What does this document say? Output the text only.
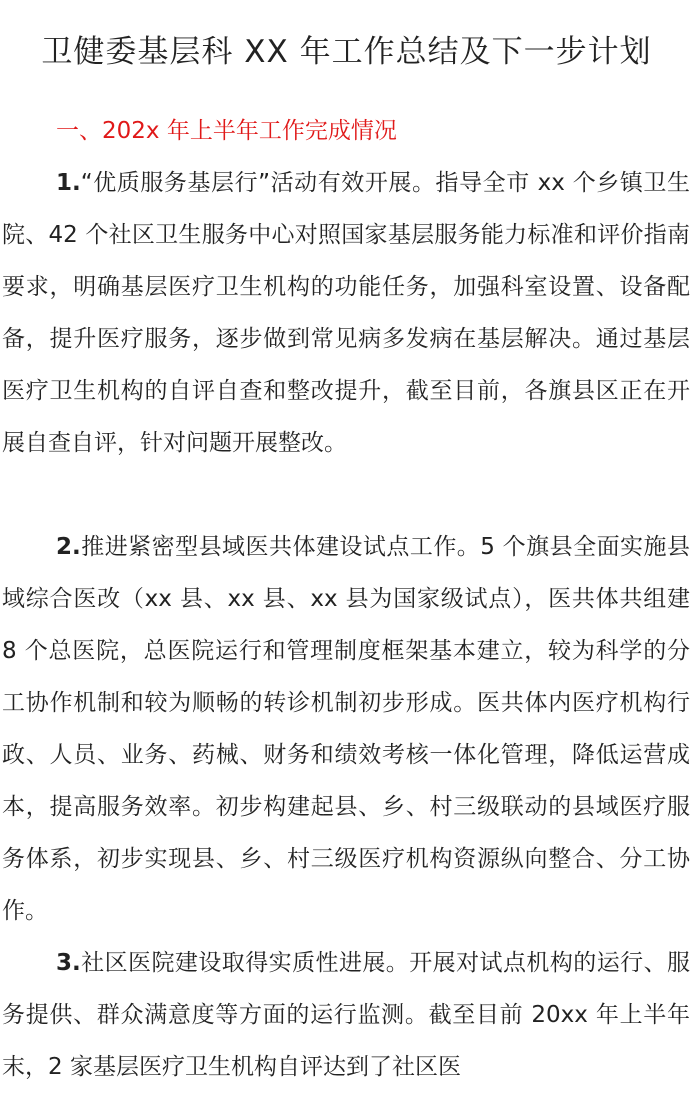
卫健委基层科 XX 年工作总结及下一步计划
一、202x 年上半年工作完成情况

1.“优质服务基层行”活动有效开展。指导全市 xx 个乡镇卫生院、42 个社区卫生服务中心对照国家基层服务能力标准和评价指南要求，明确基层医疗卫生机构的功能任务，加强科室设置、设备配备，提升医疗服务，逐步做到常见病多发病在基层解决。通过基层医疗卫生机构的自评自查和整改提升，截至目前，各旗县区正在开展自查自评，针对问题开展整改。

2.推进紧密型县域医共体建设试点工作。5 个旗县全面实施县域综合医改（xx 县、xx 县、xx 县为国家级试点），医共体共组建 8 个总医院，总医院运行和管理制度框架基本建立，较为科学的分工协作机制和较为顺畅的转诊机制初步形成。医共体内医疗机构行政、人员、业务、药械、财务和绩效考核一体化管理，降低运营成本，提高服务效率。初步构建起县、乡、村三级联动的县域医疗服务体系，初步实现县、乡、村三级医疗机构资源纵向整合、分工协作。

3.社区医院建设取得实质性进展。开展对试点机构的运行、服务提供、群众满意度等方面的运行监测。截至目前 20xx 年上半年末，2 家基层医疗卫生机构自评达到了社区医
